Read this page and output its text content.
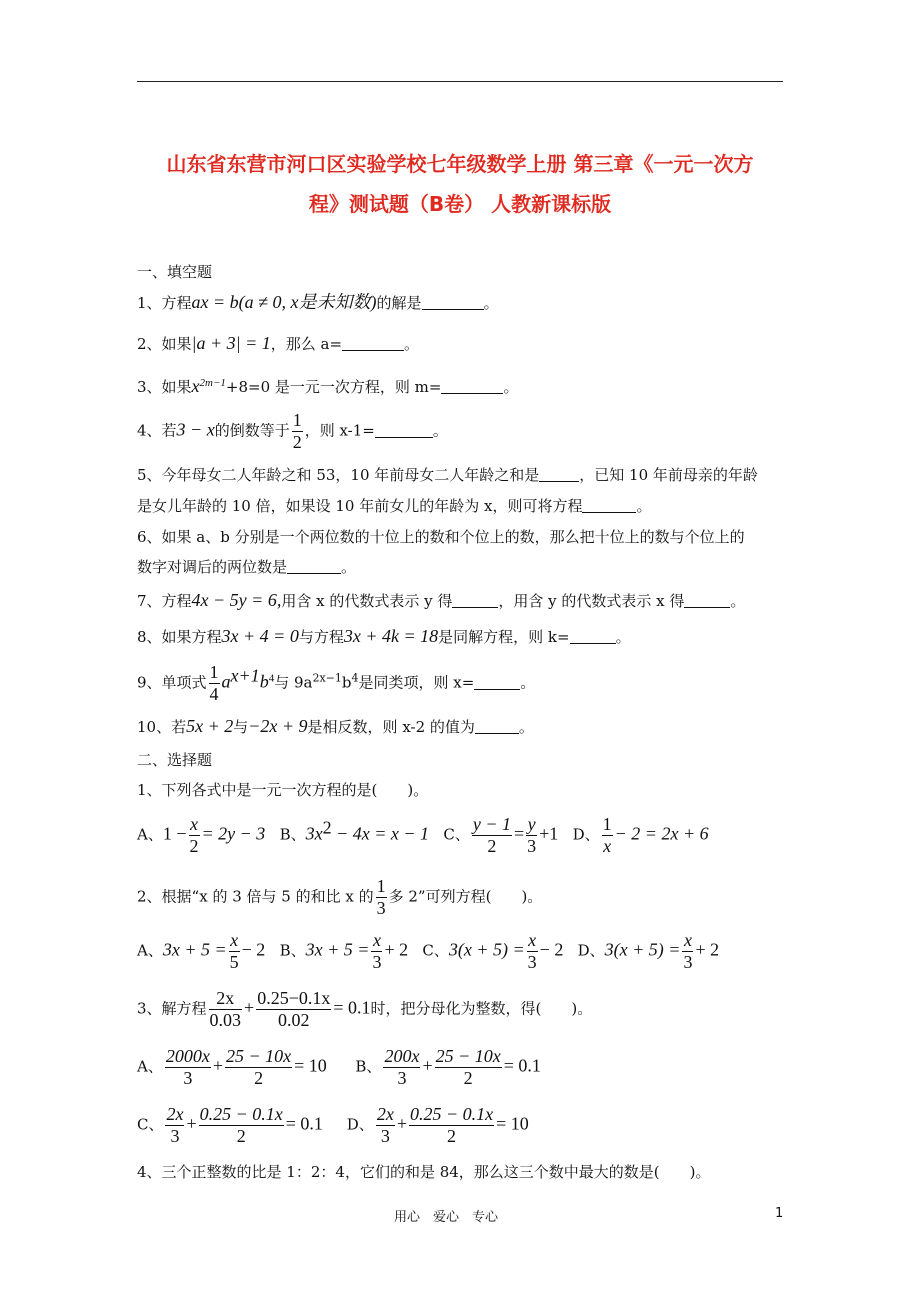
山东省东营市河口区实验学校七年级数学上册 第三章《一元一次方
程》测试题（B卷） 人教新课标版
一、填空题
1、方程ax = b(a ≠ 0, x是未知数)的解是	。
2、如果|a + 3| = 1，那么 a=	。
3、如果$x^{2m-1}+8=0$ 是一元一次方程，则 m=	。
4、若3 − x的倒数等于 $\frac{1}{2}$ ，则 x-1=	。
5、今年母女二人年龄之和 53，10 年前母女二人年龄之和是	，已知 10 年前母亲的年龄
是女儿年龄的 10 倍，如果设 10 年前女儿的年龄为 x，则可将方程	。
6、如果 a、b 分别是一个两位数的十位上的数和个位上的数，那么把十位上的数与个位上的
数字对调后的两位数是	。
7、方程4x − 5y = 6,用含 x 的代数式表示 y 得	，用含 y 的代数式表示 x 得	。
8、如果方程3x + 4 = 0与方程3x + 4k = 18是同解方程，则 k=	。
9、单项式 $\frac{1}{4} a^{x+1}b^4$与 $9a^{2x-1}b^4$是同类项，则 x=	。
10、若5x + 2与−2x + 9是相反数，则 x-2 的值为	。
二、选择题
1、下列各式中是一元一次方程的是(　　)。
A、$1 - \frac{x}{2} = 2y - 3$ B、$3x^2 - 4x = x - 1$ C、 $\frac{y - 1}{2} = \frac{y}{3} +1$ D、 $\frac{1}{x} - 2 = 2x + 6$
2、根据“x 的 3 倍与 5 的和比 x 的 $\frac{1}{3}$ 多 2”可列方程(　　)。
A、$3x + 5 = \frac{x}{5} - 2$ B、$3x + 5 = \frac{x}{3} + 2$ C、$3(x + 5) = \frac{x}{3} - 2$ D、$3(x + 5) = \frac{x}{3} + 2$
3、解方程 $\frac{2x}{0.03} + \frac{0.25-0.1x}{0.02} = 0.1$时，把分母化为整数，得(　　)。
A、 $\frac{2000x}{3} + \frac{25 - 10x}{2} = 10$ B、 $\frac{200x}{3} + \frac{25 - 10x}{2} = 0.1$
C、 $\frac{2x}{3} + \frac{0.25 - 0.1x}{2} = 0.1$ D、 $\frac{2x}{3} + \frac{0.25 - 0.1x}{2} = 10$
4、三个正整数的比是 1：2：4，它们的和是 84，那么这三个数中最大的数是(　　)。
用心　爱心　专心	1
